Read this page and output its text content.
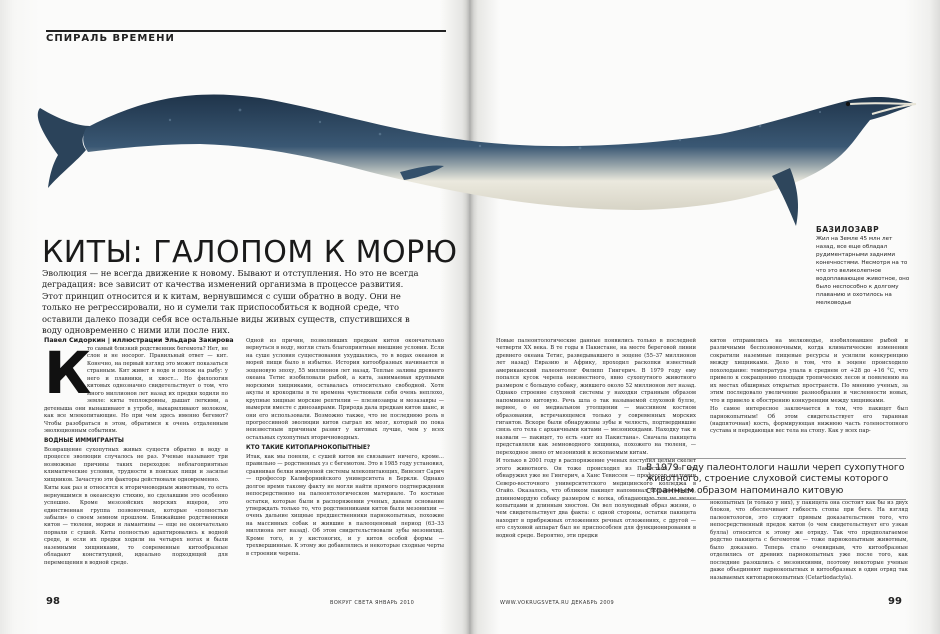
СПИРАЛЬ ВРЕМЕНИ
БАЗИЛОЗАВР
Жил на Земле 45 млн лет назад, все еще обладал рудиментарными задними конечностями. Несмотря на то что это великолепное водоплавающее животное, оно было неспособно к долгому плаванию и охотилось на мелководье
КИТЫ: ГАЛОПОМ К МОРЮ

Эволюция — не всегда движение к новому. Бывают и отступления. Но это не всегда деградация: все зависит от качества изменений организма в процессе развития. Этот принцип относится и к китам, вернувшимся с суши обратно в воду. Они не только не регрессировали, но и сумели так приспособиться к водной среде, что оставили далеко позади себя все остальные виды живых существ, спустившихся в воду одновременно с ними или после них.

Павел Сидоркин | иллюстрации Эльдара Закирова
К

то самый близкий родственник бегемота? Нет, не слон и не носорог. Правильный ответ — кит. Конечно, на первый взгляд это может показаться странным. Кит живет в воде и похож на рыбу: у него и плавники, и хвост... Но филология китовых однозначно свидетельствует о том, что много миллионов лет назад их предки ходили по земле: киты теплокровны, дышат легкими, а детеныша они вынашивают в утробе, выкармливают молоком, как все млекопитающие. Но при чем здесь именно бегемот? Чтобы разобраться в этом, обратимся к очень отдаленным эволюционным событиям.

ВОДНЫЕ ИММИГРАНТЫ

Возвращение сухопутных живых существ обратно в воду в процессе эволюции случалось не раз. Ученые называют три возможные причины таких переходов: неблагоприятные климатические условия, трудности в поисках пищи и засилье хищников. Зачастую эти факторы действовали одновременно.

Киты как раз и относятся к вторичноводным животным, то есть вернувшимся в океанскую стихию, но сделавшим это особенно успешно. Кроме мезозойских морских ящеров, это единственная группа позвоночных, которые «полностью забыли» о своем земном прошлом. Ближайшие родственники китов — тюлени, моржи и ламантины — еще не окончательно порвали с сушей. Киты полностью адаптировались к водной среде, и если их предки ходили на четырех ногах и были наземными хищниками, то современные китообразные обладают конституцией, идеально подходящей для перемещения в водной среде.

Одной из причин, позволивших предкам китов окончательно вернуться в воду, могли стать благоприятные внешние условия. Если на суше условия существования ухудшались, то в водах океанов и морей пищи было в избытке. История китообразных начинается в эоценовую эпоху, 55 миллионов лет назад. Теплые заливы древнего океана Тетис изобиловали рыбой, а кита, занимаемая крупными морскими хищниками, оставалась относительно свободной. Хотя акулы и крокодилы в те времена чувствовали себя очень неплохо, крупные хищные морские рептилии — плезиозавры и мозазавры — вымерли вместе с динозаврами. Природа дала предкам китов шанс, и они его использовали. Возможно также, что не последнюю роль в прогрессивной эволюции китов сыграл их мозг, который по пока неизвестным причинам развит у китовых лучше, чем у всех остальных сухопутных вторичноводных.

КТО ТАКИЕ КИТОПАРНОКОПЫТНЫЕ?

Итак, как мы поняли, с сушей китов не связывает ничего, кроме... правильно — родственных уз с бегемотом. Это в 1985 году установил, сравнивая белки иммунной системы млекопитающих, Винсент Сарич — профессор Калифорнийского университета в Беркли. Однако долгое время такому факту не могли найти прямого подтверждения непосредственно на палеонтологическом материале. То костные остатки, которые были в распоряжении ученых, давали основание утверждать только то, что родственниками китов были мезонихии — очень дальние хищные предшественники парнокопытных, похожие на массивных собак и жившие в палеоценовый период (63–33 миллиона лет назад). Об этом свидетельствовали зубы мезонихид. Кроме того, и у кистоногих, и у китов особой формы — трехвершинные. К этому же добавлялись и некоторые сходные черты в строении черепа.

Новые палеонтологические данные появились только в последней четверти XX века. В те годы в Пакистане, на месте береговой линии древнего океана Тетис, разведывавшего в эоцене (55–37 миллионов лет назад) Евразию и Африку, проходил раскопки известный американский палеонтолог Филипп Гингерич. В 1979 году ему попался кусок черепа неизвестного, явно сухопутного животного размером с большую собаку, жившего около 52 миллионов лет назад. Однако строение слуховой системы у находки странным образом напоминало китовую. Речь шла о так называемой слуховой булле, вернее, о ее медиальном утолщении — массивном костном образовании, встречающемся только у современных морских гигантов. Вскоре были обнаружены зубы и челюсть, подтвердившие связь его тела с архаичными китами — мезонихидами. Находку так и назвали — пакицет, то есть «кит из Пакистана». Сначала пакицета представляли как земноводного хищника, похожего на тюленя, — переходное звено от мезонихий к ископаемым китам.

И только в 2001 году в распоряжение ученых поступил целый скелет этого животного. Он тоже происходил из Пакистана, но его обнаружил уже не Гингерич, а Ханс Тевиссен — профессор анатомии Северо-восточного университетского медицинского колледжа в Огайо. Оказалось, что обликом пакицет напоминал большеголовую, длинномордую собаку размером с волка, обладающую тем не менее копытцами и длинным хвостом. Он вел полуводный образ жизни, о чем свидетельствует два факта: с одной стороны, остатки пакицета находят в прибрежных отложениях речных отложениях, с другой — его слуховой аппарат был не приспособлен для функционирования в водной среде. Вероятно, эти предки

китов отправились на мелководье, изобиловавшее рыбой и различными беспозвоночными, когда климатические изменения сократили наземные пищевые ресурсы и усилили конкуренцию между хищниками. Дело в том, что в эоцене происходило похолодание: температура упала в среднем от +28 до +16 °С, что привело к сокращению площади тропических лесов и появлению на их местах обширных открытых пространств. По мнению ученых, за этим последовало увеличение разнообразия и численности новых, что и привело к обострению конкуренции между хищниками.

Но самое интересное заключается в том, что пакицет был парнокопытным! Об этом свидетельствует его таранная (надпяточная) кость, формирующая нижнюю часть голеностопного сустава и передающая вес тела на стопу. Как у всех пар-

В 1979 году палеонтологи нашли череп сухопутного животного, строение слуховой системы которого странным образом напоминало китовую

нокопытных (и только у них), у пакицета она состоит как бы из двух блоков, что обеспечивает гибкость стопы при беге. На взгляд палеонтологов, это служит прямым доказательством того, что непосредственный предок китов (о чем свидетельствует его узкая булла) относится к этому же отряду. Так что предполагаемое родство пакицета с бегемотом — тоже парнокопытным животным, было доказано. Теперь стало очевидным, что китообразные отделились от древних парнокопытных уже после того, как последние разошлись с мезонихиями, поэтому некоторые ученые даже объединяют парнокопытных и китообразных в один отряд так называемых китопарнокопытных (Cetartiodactyla).

98	ВОКРУГ СВЕТА ЯНВАРЬ 2010	WWW.VOKRUGSVETA.RU ДЕКАБРЬ 2009	99
